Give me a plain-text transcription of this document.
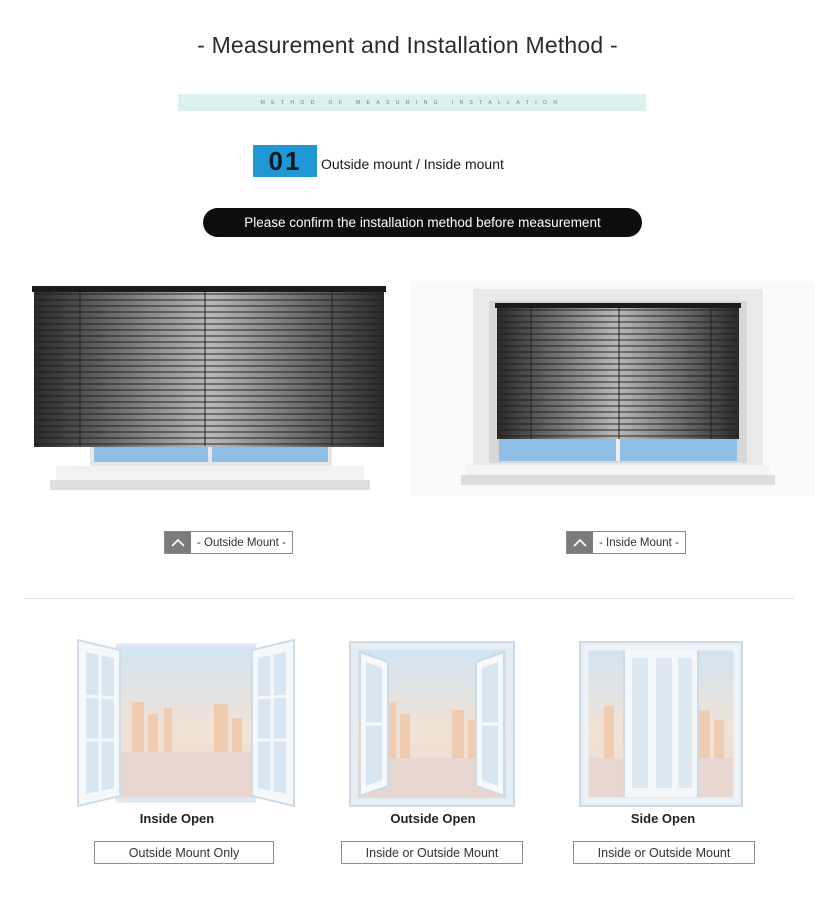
- Measurement and Installation Method -
METHOD OF MEASURING INSTALLATION
01	Outside mount / Inside mount
Please confirm the installation method before measurement
- Outside Mount -	- Inside Mount -
Inside Open	Outside Open	Side Open
Outside Mount Only	Inside or Outside Mount	Inside or Outside Mount
